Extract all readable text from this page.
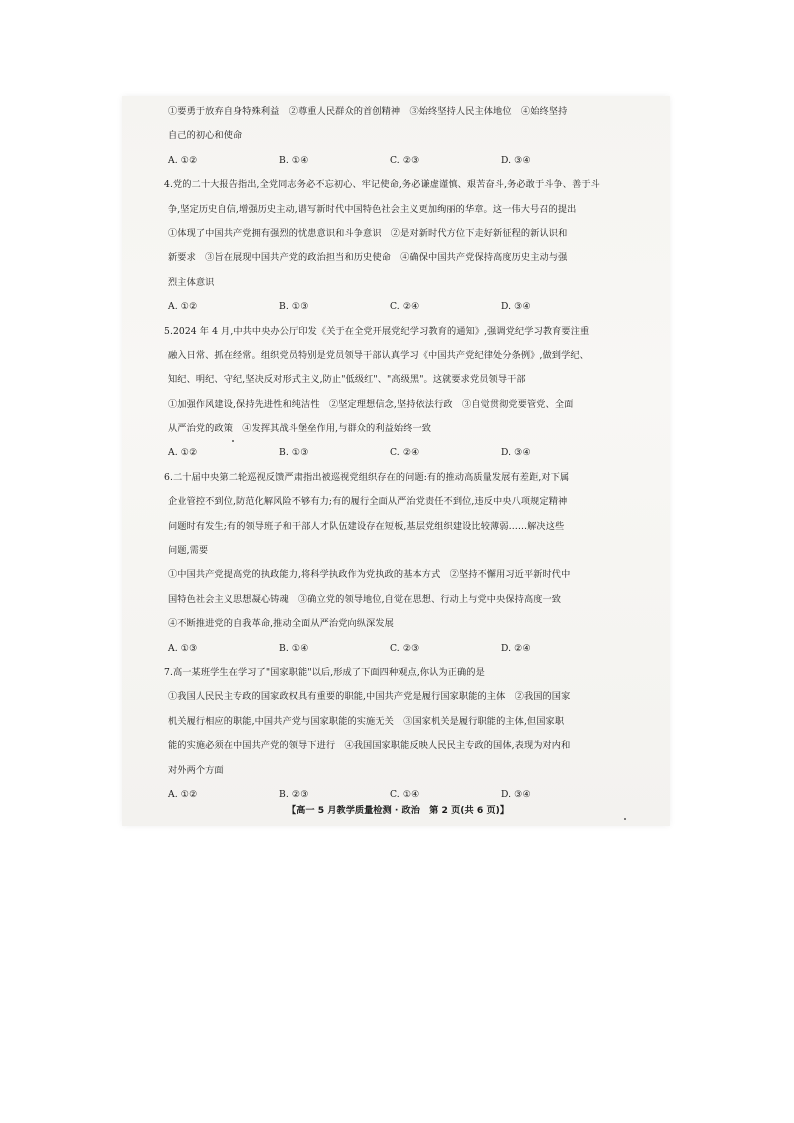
①要勇于放弃自身特殊利益　②尊重人民群众的首创精神　③始终坚持人民主体地位　④始终坚持
自己的初心和使命
A. ①②	B. ①④	C. ②③	D. ③④
4.党的二十大报告指出,全党同志务必不忘初心、牢记使命,务必谦虚谨慎、艰苦奋斗,务必敢于斗争、善于斗
争,坚定历史自信,增强历史主动,谱写新时代中国特色社会主义更加绚丽的华章。这一伟大号召的提出
①体现了中国共产党拥有强烈的忧患意识和斗争意识　②是对新时代方位下走好新征程的新认识和
新要求　③旨在展现中国共产党的政治担当和历史使命　④确保中国共产党保持高度历史主动与强
烈主体意识
A. ①②	B. ①③	C. ②④	D. ③④
5.2024 年 4 月,中共中央办公厅印发《关于在全党开展党纪学习教育的通知》,强调党纪学习教育要注重
融入日常、抓在经常。组织党员特别是党员领导干部认真学习《中国共产党纪律处分条例》,做到学纪、
知纪、明纪、守纪,坚决反对形式主义,防止"低级红"、"高级黑"。这就要求党员领导干部
①加强作风建设,保持先进性和纯洁性　②坚定理想信念,坚持依法行政　③自觉贯彻党要管党、全面
从严治党的政策　④发挥其战斗堡垒作用,与群众的利益始终一致
A. ①②	B. ①③	C. ②④	D. ③④
6.二十届中央第二轮巡视反馈严肃指出被巡视党组织存在的问题:有的推动高质量发展有差距,对下属
企业管控不到位,防范化解风险不够有力;有的履行全面从严治党责任不到位,违反中央八项规定精神
问题时有发生;有的领导班子和干部人才队伍建设存在短板,基层党组织建设比较薄弱……解决这些
问题,需要
①中国共产党提高党的执政能力,将科学执政作为党执政的基本方式　②坚持不懈用习近平新时代中
国特色社会主义思想凝心铸魂　③确立党的领导地位,自觉在思想、行动上与党中央保持高度一致
④不断推进党的自我革命,推动全面从严治党向纵深发展
A. ①③	B. ①④	C. ②③	D. ②④
7.高一某班学生在学习了"国家职能"以后,形成了下面四种观点,你认为正确的是
①我国人民民主专政的国家政权具有重要的职能,中国共产党是履行国家职能的主体　②我国的国家
机关履行相应的职能,中国共产党与国家职能的实施无关　③国家机关是履行职能的主体,但国家职
能的实施必须在中国共产党的领导下进行　④我国国家职能反映人民民主专政的国体,表现为对内和
对外两个方面
A. ①②	B. ②③	C. ①④	D. ③④
【高一 5 月教学质量检测 · 政治　第 2 页(共 6 页)】
